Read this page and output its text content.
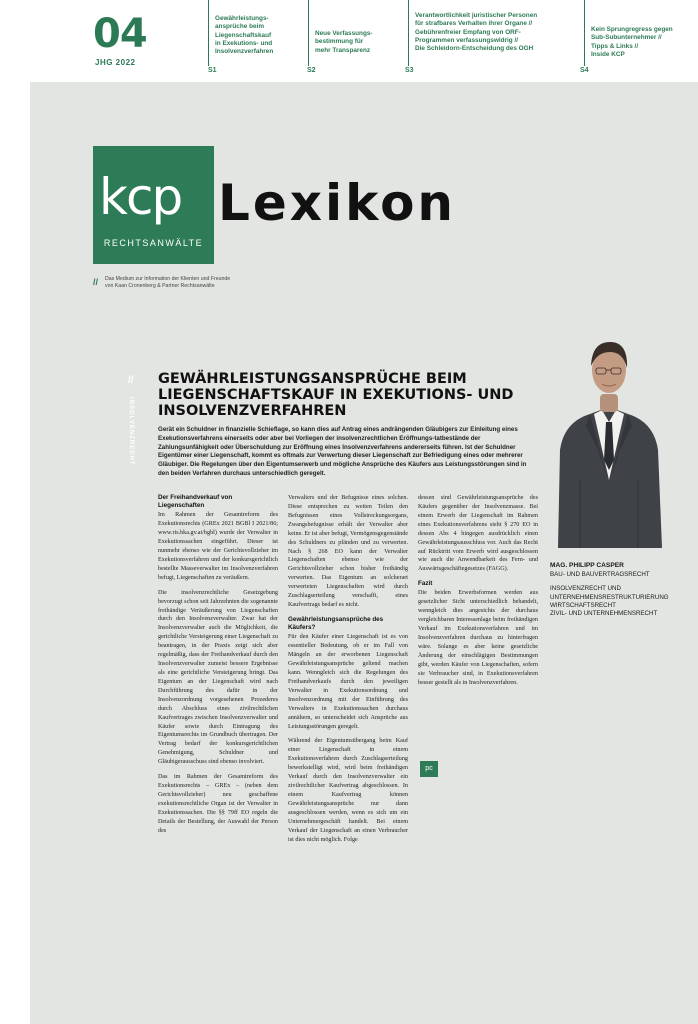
04
JHG 2022
Gewährleistungs-
ansprüche beim
Liegenschaftskauf
in Exekutions- und
Insolvenzverfahren
S1
Neue Verfassungs-
bestimmung für
mehr Transparenz
S2
Verantwortlichkeit juristischer Personen
für strafbares Verhalten ihrer Organe //
Gebührenfreier Empfang von ORF-
Programmen verfassungswidrig //
Die Schleidorn-Entscheidung des OGH
S3
Kein Sprungregress gegen
Sub-Subunternehmer //
Tipps & Links //
Inside KCP
S4
kcp
RECHTSANWÄLTE
Lexikon
// Das Medium zur Information der Klienten und Freunde
von Kaan Cronenberg & Partner Rechtsanwälte
//
INSOLVENZRECHT
GEWÄHRLEISTUNGSANSPRÜCHE BEIM LIEGENSCHAFTSKAUF IN EXEKUTIONS- UND INSOLVENZVERFAHREN

Gerät ein Schuldner in finanzielle Schieflage, so kann dies auf Antrag eines andrängenden Gläubigers zur Einleitung eines Exekutionsverfahrens einerseits oder aber bei Vorliegen der insolvenzrechtlichen Eröffnungs-tatbestände der Zahlungsunfähigkeit oder Überschuldung zur Eröffnung eines Insolvenzverfahrens andererseits führen. Ist der Schuldner Eigentümer einer Liegenschaft, kommt es oftmals zur Verwertung dieser Liegenschaft zur Befriedigung eines oder mehrerer Gläubiger. Die Regelungen über den Eigentumserwerb und mögliche Ansprüche des Käufers aus Leistungsstörungen sind in den beiden Verfahren durchaus unterschiedlich geregelt.

MAG. PHILIPP CASPER
BAU- UND BAUVERTRAGSRECHT
INSOLVENZRECHT UND UNTERNEHMENSRESTRUKTURIERUNG
WIRTSCHAFTSRECHT
ZIVIL- UND UNTERNEHMENSRECHT
Der Freihandverkauf von Liegenschaften

Im Rahmen der Gesamtreform des Exekutionsrechts (GREx 2021 BGBl I 2021/86; www.ris.bka.gv.at/bgbl) wurde der Verwalter in Exekutionssachen eingeführt. Dieser ist nunmehr ebenso wie der Gerichtsvollzieher im Exekutionsverfahren und der konkursgerichtlich bestellte Masseverwalter im Insolvenzverfahren befugt, Liegenschaften zu veräußern.

Die insolvenzrechtliche Gesetzgebung bevorzugt schon seit Jahrzehnten die sogenannte freihändige Veräußerung von Liegenschaften durch den Insolvenzverwalter. Zwar hat der Insolvenzverwalter auch die Möglichkeit, die gerichtliche Versteigerung einer Liegenschaft zu beantragen, in der Praxis zeigt sich aber regelmäßig, dass der Freihandverkauf durch den Insolvenzverwalter zumeist bessere Ergebnisse als eine gerichtliche Versteigerung bringt. Das Eigentum an der Liegenschaft wird nach Durchführung des dafür in der Insolvenzordnung vorgesehenen Prozederes durch Abschluss eines zivilrechtlichen Kaufvertrages zwischen Insolvenzverwalter und Käufer sowie durch Eintragung des Eigentumsrechts im Grundbuch übertragen. Der Vertrag bedarf der konkursgerichtlichen Genehmigung, Schuldner und Gläubigerausschuss sind ebenso involviert.

Das im Rahmen der Gesamtreform des Exekutionsrechts – GREx – (neben dem Gerichtsvollzieher) neu geschaffene exekutionsrechtliche Organ ist der Verwalter in Exekutionssachen. Die §§ 79ff EO regeln die Details der Bestellung, der Auswahl der Person des

Verwalters und der Befugnisse eines solchen. Diese entsprechen zu weiten Teilen den Befugnissen eines Vollstreckungsorgans, Zwangsbefugnisse erhält der Verwalter aber keine. Er ist aber befugt, Vermögensgegenstände des Schuldners zu pfänden und zu verwerten. Nach § 268 EO kann der Verwalter Liegenschaften ebenso wie der Gerichtsvollzieher schon bisher freihändig verwerten. Das Eigentum an solcherart verwerteten Liegenschaften wird durch Zuschlagserteilung verschafft, eines Kaufvertrags bedarf es nicht.

Gewährleistungsansprüche des Käufers?

Für den Käufer einer Liegenschaft ist es von essentieller Bedeutung, ob er im Fall von Mängeln an der erworbenen Liegenschaft Gewährleistungsansprüche geltend machen kann. Wenngleich sich die Regelungen des Freihandverkaufs durch den jeweiligen Verwalter in Exekutionsordnung und Insolvenzordnung mit der Einführung des Verwalters in Exekutionssachen durchaus annähern, so unterscheidet sich Ansprüche aus Leistungsstörungen geregelt.

Während der Eigentumsübergang beim Kauf einer Liegenschaft in einem Exekutionsverfahren durch Zuschlagserteilung bewerkstelligt wird, wird beim freihändigen Verkauf durch den Insolvenzverwalter ein zivilrechtlicher Kaufvertrag abgeschlossen. In einem Kaufvertrag können Gewährleistungsansprüche nur dann ausgeschlossen werden, wenn es sich um ein Unternehmergeschäft handelt. Bei einem Verkauf der Liegenschaft an einen Verbraucher ist dies nicht möglich. Folge

dessen sind Gewährleistungsansprüche des Käufers gegenüber der Insolvenzmasse. Bei einem Erwerb der Liegenschaft im Rahmen eines Exekutionsverfahrens sieht § 270 EO in dessen Abs 4 hingegen ausdrücklich einen Gewährleistungsausschluss vor. Auch das Recht auf Rücktritt vom Erwerb wird ausgeschlossen wie auch die Anwendbarkeit des Fern- und Auswärtsgeschäftegesetzes (FAGG).

Fazit

Die beiden Erwerbsformen werden aus gesetzlicher Sicht unterschiedlich behandelt, wenngleich dies angesichts der durchaus vergleichbaren Interessenlage beim freihändigen Verkauf im Exekutionsverfahren und im Insolvenzverfahren durchaus zu hinterfragen wäre. Solange es aber keine gesetzliche Änderung der einschlägigen Bestimmungen gibt, werden Käufer von Liegenschaften, sofern sie Verbraucher sind, in Exekutionsverfahren besser gestellt als in Insolvenzverfahren.

pc
